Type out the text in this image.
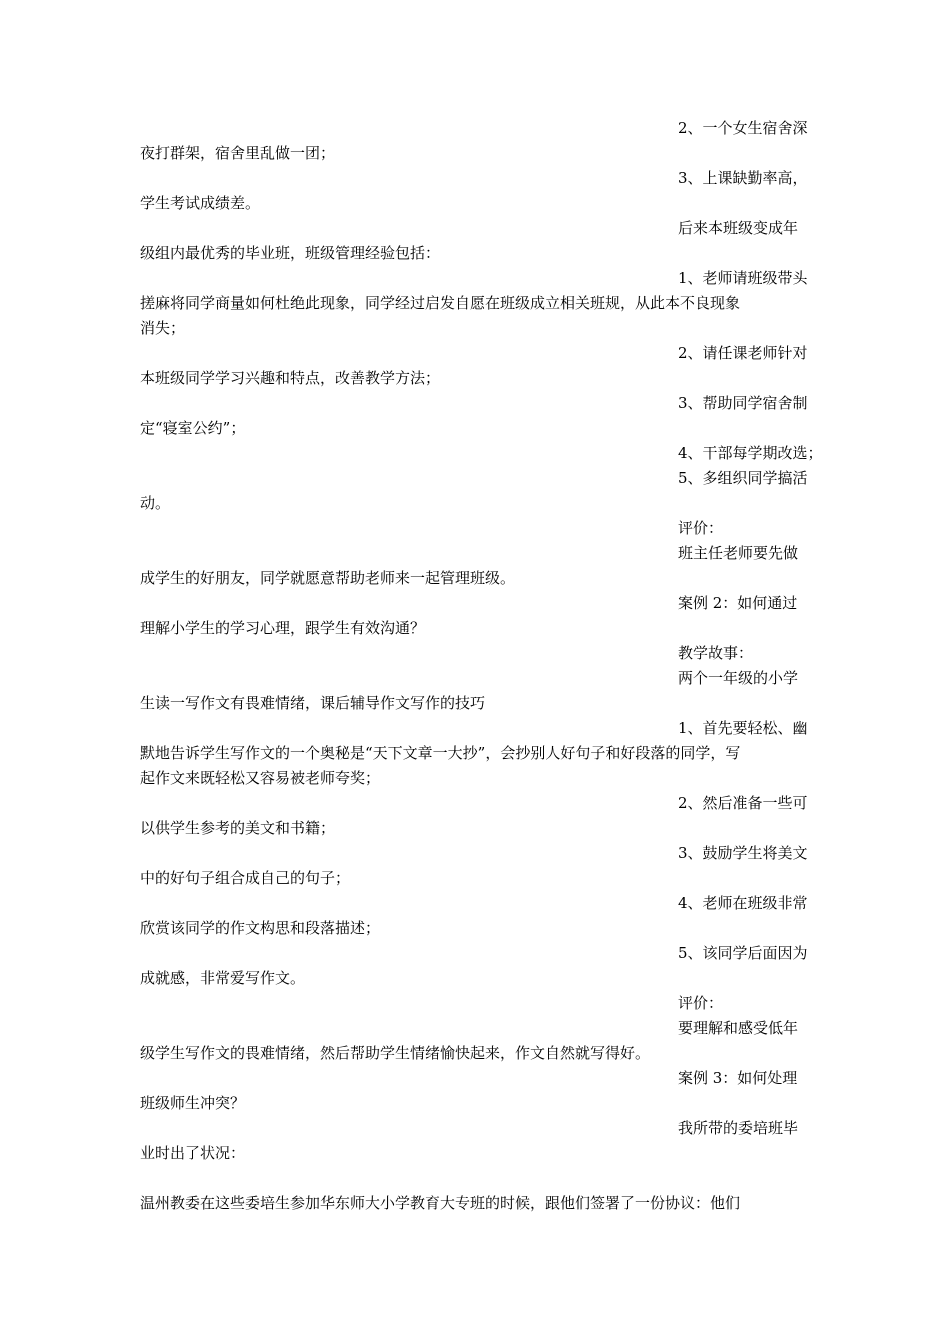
2、一个女生宿舍深

夜打群架，宿舍里乱做一团；

3、上课缺勤率高，

学生考试成绩差。

后来本班级变成年

级组内最优秀的毕业班，班级管理经验包括：

1、老师请班级带头

搓麻将同学商量如何杜绝此现象，同学经过启发自愿在班级成立相关班规，从此本不良现象

消失；

2、请任课老师针对

本班级同学学习兴趣和特点，改善教学方法；

3、帮助同学宿舍制

定“寝室公约”；

4、干部每学期改选；

5、多组织同学搞活

动。

评价：

班主任老师要先做

成学生的好朋友，同学就愿意帮助老师来一起管理班级。

案例 2：如何通过

理解小学生的学习心理，跟学生有效沟通？

教学故事：

两个一年级的小学

生读一写作文有畏难情绪，课后辅导作文写作的技巧

1、首先要轻松、幽

默地告诉学生写作文的一个奥秘是“天下文章一大抄”，会抄别人好句子和好段落的同学，写

起作文来既轻松又容易被老师夸奖；

2、然后准备一些可

以供学生参考的美文和书籍；

3、鼓励学生将美文

中的好句子组合成自己的句子；

4、老师在班级非常

欣赏该同学的作文构思和段落描述；

5、该同学后面因为

成就感，非常爱写作文。

评价：

要理解和感受低年

级学生写作文的畏难情绪，然后帮助学生情绪愉快起来，作文自然就写得好。

案例 3：如何处理

班级师生冲突？

我所带的委培班毕

业时出了状况：

温州教委在这些委培生参加华东师大小学教育大专班的时候，跟他们签署了一份协议：他们
